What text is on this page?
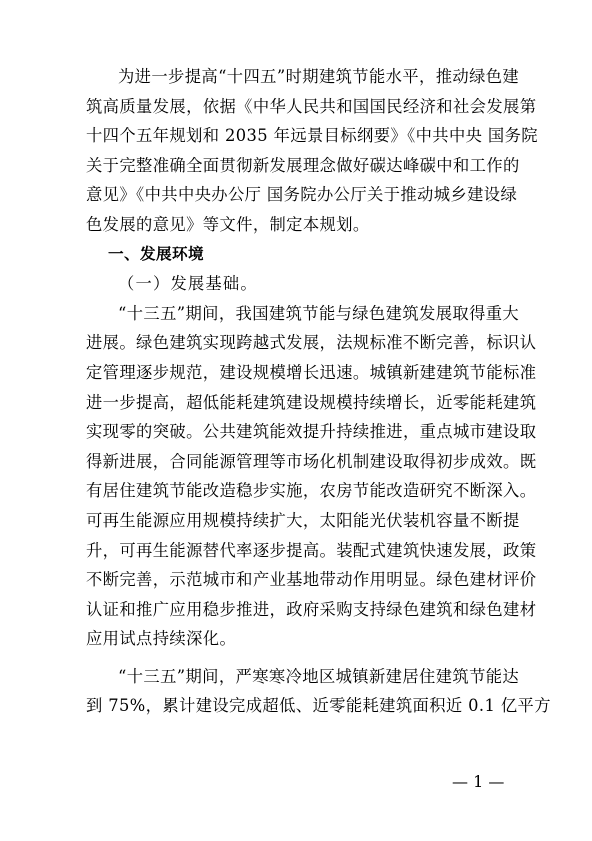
为进一步提高“十四五”时期建筑节能水平，推动绿色建
筑高质量发展，依据《中华人民共和国国民经济和社会发展第
十四个五年规划和 2035 年远景目标纲要》《中共中央 国务院
关于完整准确全面贯彻新发展理念做好碳达峰碳中和工作的
意见》《中共中央办公厅 国务院办公厅关于推动城乡建设绿
色发展的意见》等文件，制定本规划。
一、发展环境
（一）发展基础。
“十三五”期间，我国建筑节能与绿色建筑发展取得重大
进展。绿色建筑实现跨越式发展，法规标准不断完善，标识认
定管理逐步规范，建设规模增长迅速。城镇新建建筑节能标准
进一步提高，超低能耗建筑建设规模持续增长，近零能耗建筑
实现零的突破。公共建筑能效提升持续推进，重点城市建设取
得新进展，合同能源管理等市场化机制建设取得初步成效。既
有居住建筑节能改造稳步实施，农房节能改造研究不断深入。
可再生能源应用规模持续扩大，太阳能光伏装机容量不断提
升，可再生能源替代率逐步提高。装配式建筑快速发展，政策
不断完善，示范城市和产业基地带动作用明显。绿色建材评价
认证和推广应用稳步推进，政府采购支持绿色建筑和绿色建材
应用试点持续深化。
“十三五”期间，严寒寒冷地区城镇新建居住建筑节能达
到 75%，累计建设完成超低、近零能耗建筑面积近 0.1 亿平方
— 1 —
